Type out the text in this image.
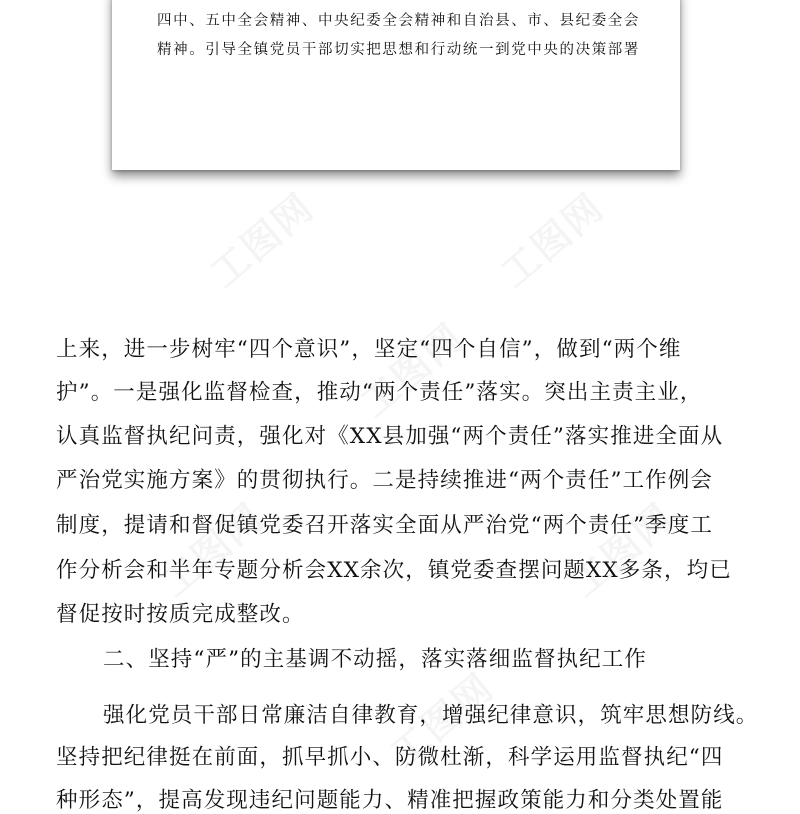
四中、五中全会精神、中央纪委全会精神和自治县、市、县纪委全会
精神。引导全镇党员干部切实把思想和行动统一到党中央的决策部署

上来，进一步树牢“四个意识”，坚定“四个自信”，做到“两个维

护”。一是强化监督检查，推动“两个责任”落实。突出主责主业，

认真监督执纪问责，强化对《XX县加强“两个责任”落实推进全面从

严治党实施方案》的贯彻执行。二是持续推进“两个责任”工作例会

制度，提请和督促镇党委召开落实全面从严治党“两个责任”季度工

作分析会和半年专题分析会XX余次，镇党委查摆问题XX多条，均已

督促按时按质完成整改。

二、坚持“严”的主基调不动摇，落实落细监督执纪工作

强化党员干部日常廉洁自律教育，增强纪律意识，筑牢思想防线。

坚持把纪律挺在前面，抓早抓小、防微杜渐，科学运用监督执纪“四

种形态”，提高发现违纪问题能力、精准把握政策能力和分类处置能
